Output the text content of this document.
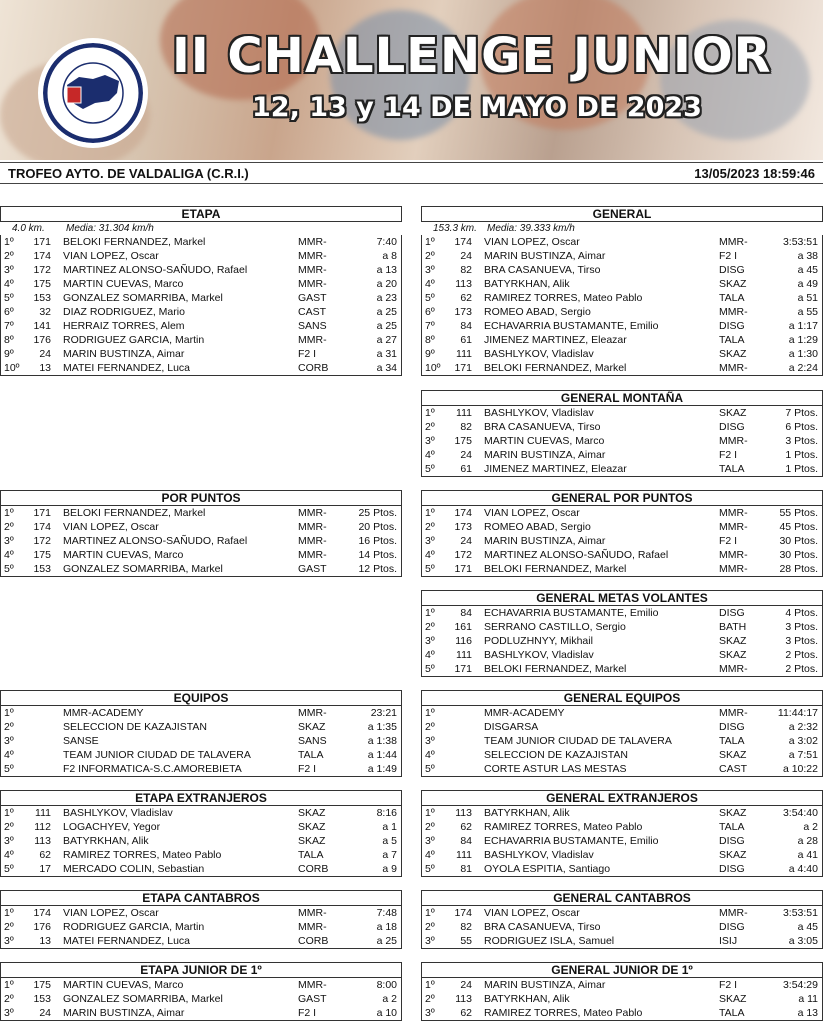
II CHALLENGE JUNIOR
12, 13 y 14 DE MAYO DE 2023
TROFEO AYTO. DE VALDALIGA (C.R.I.)	13/05/2023 18:59:46
ETAPA
4.0 km. Media: 31.304 km/h
1º	171 BELOKI FERNANDEZ, Markel	MMR-	7:40
2º	174 VIAN LOPEZ, Oscar	MMR-	a 8
3º	172 MARTINEZ ALONSO-SAÑUDO, Rafael	MMR-	a 13
4º	175 MARTIN CUEVAS, Marco	MMR-	a 20
5º	153 GONZALEZ SOMARRIBA, Markel	GAST	a 23
6º	32 DIAZ RODRIGUEZ, Mario	CAST	a 25
7º	141 HERRAIZ TORRES, Alem	SANS	a 25
8º	176 RODRIGUEZ GARCIA, Martin	MMR-	a 27
9º	24 MARIN BUSTINZA, Aimar	F2 I	a 31
10º	13 MATEI FERNANDEZ, Luca	CORB	a 34
GENERAL
153.3 km. Media: 39.333 km/h
1º	174 VIAN LOPEZ, Oscar	MMR-	3:53:51
2º	24 MARIN BUSTINZA, Aimar	F2 I	a 38
3º	82 BRA CASANUEVA, Tirso	DISG	a 45
4º	113 BATYRKHAN, Alik	SKAZ	a 49
5º	62 RAMIREZ TORRES, Mateo Pablo	TALA	a 51
6º	173 ROMEO ABAD, Sergio	MMR-	a 55
7º	84 ECHAVARRIA BUSTAMANTE, Emilio	DISG	a 1:17
8º	61 JIMENEZ MARTINEZ, Eleazar	TALA	a 1:29
9º	111 BASHLYKOV, Vladislav	SKAZ	a 1:30
10º	171 BELOKI FERNANDEZ, Markel	MMR-	a 2:24
GENERAL MONTAÑA
1º	111 BASHLYKOV, Vladislav	SKAZ	7 Ptos.
2º	82 BRA CASANUEVA, Tirso	DISG	6 Ptos.
3º	175 MARTIN CUEVAS, Marco	MMR-	3 Ptos.
4º	24 MARIN BUSTINZA, Aimar	F2 I	1 Ptos.
5º	61 JIMENEZ MARTINEZ, Eleazar	TALA	1 Ptos.
POR PUNTOS
1º	171 BELOKI FERNANDEZ, Markel	MMR-	25 Ptos.
2º	174 VIAN LOPEZ, Oscar	MMR-	20 Ptos.
3º	172 MARTINEZ ALONSO-SAÑUDO, Rafael	MMR-	16 Ptos.
4º	175 MARTIN CUEVAS, Marco	MMR-	14 Ptos.
5º	153 GONZALEZ SOMARRIBA, Markel	GAST	12 Ptos.
GENERAL POR PUNTOS
1º	174 VIAN LOPEZ, Oscar	MMR-	55 Ptos.
2º	173 ROMEO ABAD, Sergio	MMR-	45 Ptos.
3º	24 MARIN BUSTINZA, Aimar	F2 I	30 Ptos.
4º	172 MARTINEZ ALONSO-SAÑUDO, Rafael	MMR-	30 Ptos.
5º	171 BELOKI FERNANDEZ, Markel	MMR-	28 Ptos.
GENERAL METAS VOLANTES
1º	84 ECHAVARRIA BUSTAMANTE, Emilio	DISG	4 Ptos.
2º	161 SERRANO CASTILLO, Sergio	BATH	3 Ptos.
3º	116 PODLUZHNYY, Mikhail	SKAZ	3 Ptos.
4º	111 BASHLYKOV, Vladislav	SKAZ	2 Ptos.
5º	171 BELOKI FERNANDEZ, Markel	MMR-	2 Ptos.
EQUIPOS
1º	MMR-ACADEMY	MMR-	23:21
2º	SELECCION DE KAZAJISTAN	SKAZ	a 1:35
3º	SANSE	SANS	a 1:38
4º	TEAM JUNIOR CIUDAD DE TALAVERA	TALA	a 1:44
5º	F2 INFORMATICA-S.C.AMOREBIETA	F2 I	a 1:49
GENERAL EQUIPOS
1º	MMR-ACADEMY	MMR-	11:44:17
2º	DISGARSA	DISG	a 2:32
3º	TEAM JUNIOR CIUDAD DE TALAVERA	TALA	a 3:02
4º	SELECCION DE KAZAJISTAN	SKAZ	a 7:51
5º	CORTE ASTUR LAS MESTAS	CAST	a 10:22
ETAPA EXTRANJEROS
1º	111 BASHLYKOV, Vladislav	SKAZ	8:16
2º	112 LOGACHYEV, Yegor	SKAZ	a 1
3º	113 BATYRKHAN, Alik	SKAZ	a 5
4º	62 RAMIREZ TORRES, Mateo Pablo	TALA	a 7
5º	17 MERCADO COLIN, Sebastian	CORB	a 9
GENERAL EXTRANJEROS
1º	113 BATYRKHAN, Alik	SKAZ	3:54:40
2º	62 RAMIREZ TORRES, Mateo Pablo	TALA	a 2
3º	84 ECHAVARRIA BUSTAMANTE, Emilio	DISG	a 28
4º	111 BASHLYKOV, Vladislav	SKAZ	a 41
5º	81 OYOLA ESPITIA, Santiago	DISG	a 4:40
ETAPA CANTABROS
1º	174 VIAN LOPEZ, Oscar	MMR-	7:48
2º	176 RODRIGUEZ GARCIA, Martin	MMR-	a 18
3º	13 MATEI FERNANDEZ, Luca	CORB	a 25
GENERAL CANTABROS
1º	174 VIAN LOPEZ, Oscar	MMR-	3:53:51
2º	82 BRA CASANUEVA, Tirso	DISG	a 45
3º	55 RODRIGUEZ ISLA, Samuel	ISIJ	a 3:05
ETAPA JUNIOR DE 1º
1º	175 MARTIN CUEVAS, Marco	MMR-	8:00
2º	153 GONZALEZ SOMARRIBA, Markel	GAST	a 2
3º	24 MARIN BUSTINZA, Aimar	F2 I	a 10
GENERAL JUNIOR DE 1º
1º	24 MARIN BUSTINZA, Aimar	F2 I	3:54:29
2º	113 BATYRKHAN, Alik	SKAZ	a 11
3º	62 RAMIREZ TORRES, Mateo Pablo	TALA	a 13
